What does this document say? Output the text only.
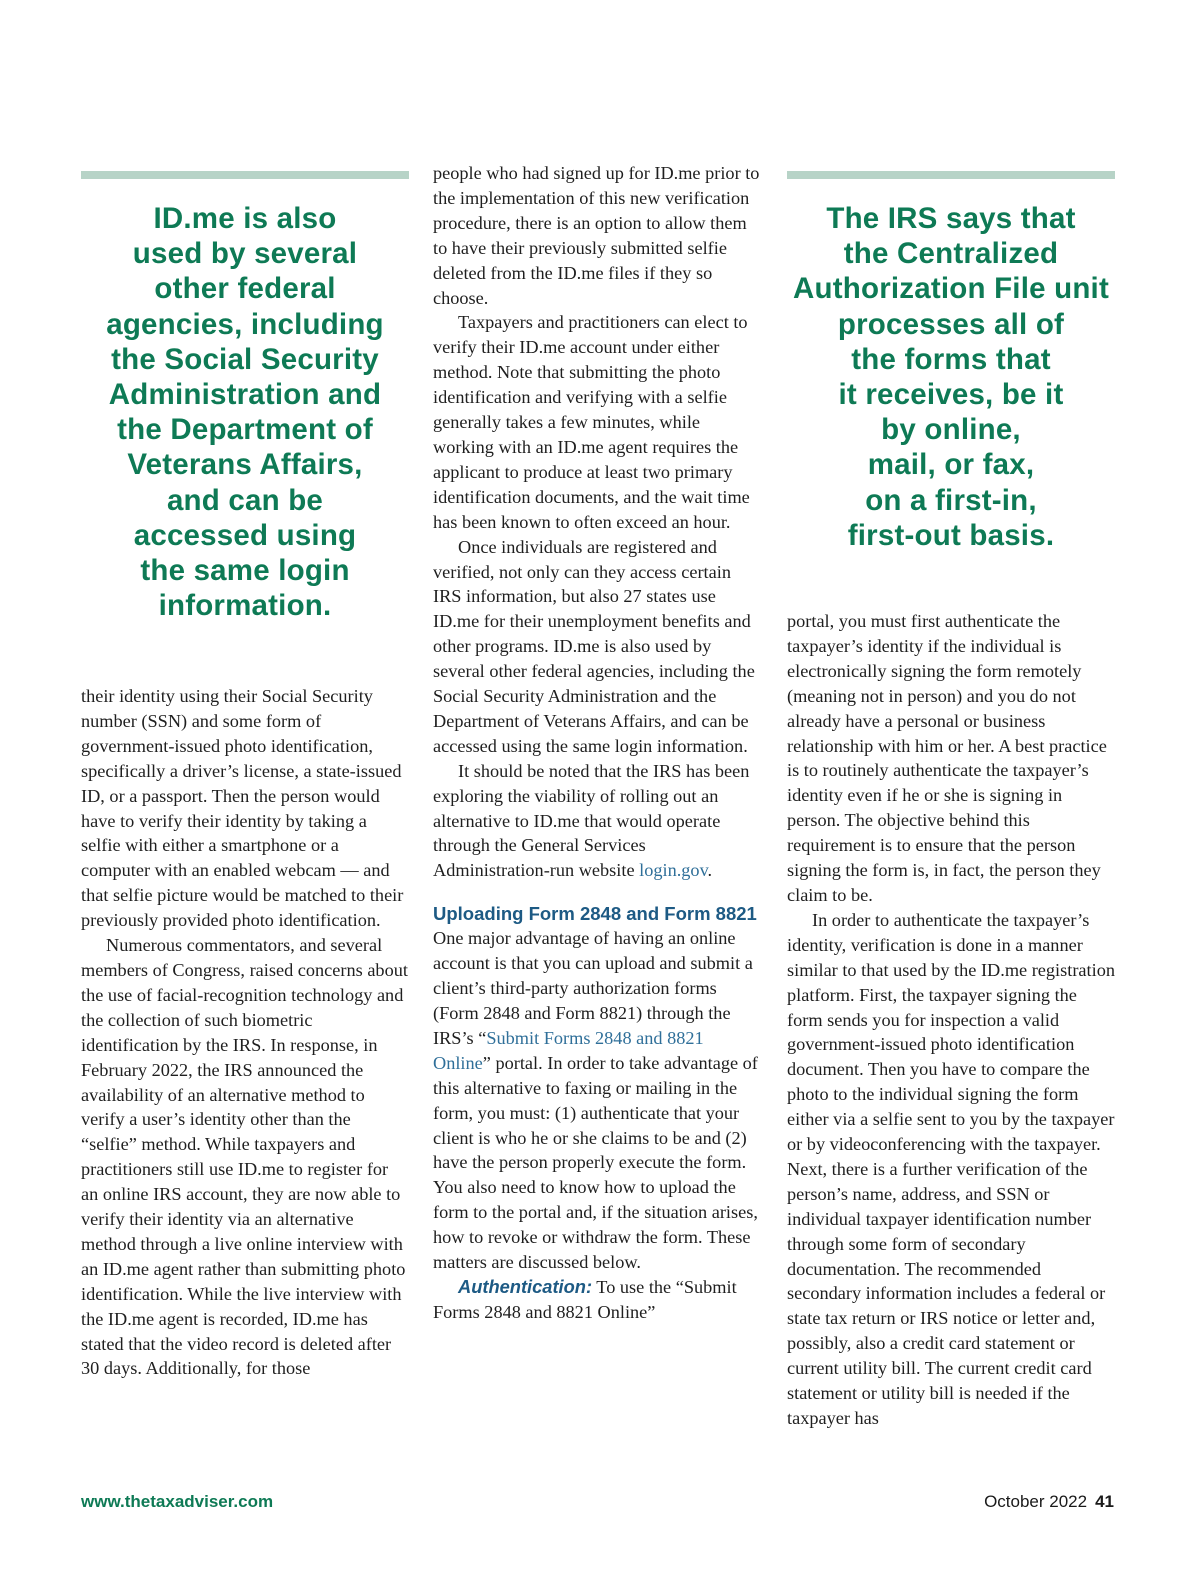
ID.me is also
used by several
other federal
agencies, including
the Social Security
Administration and
the Department of
Veterans Affairs,
and can be
accessed using
the same login
information.
The IRS says that
the Centralized
Authorization File unit
processes all of
the forms that
it receives, be it
by online,
mail, or fax,
on a first-in,
first-out basis.

their identity using their Social Security number (SSN) and some form of government-issued photo identification, specifically a driver’s license, a state-issued ID, or a passport. Then the person would have to verify their identity by taking a selfie with either a smartphone or a computer with an enabled webcam — and that selfie picture would be matched to their previously provided photo identification.

Numerous commentators, and several members of Congress, raised concerns about the use of facial-recognition technology and the collection of such biometric identification by the IRS. In response, in February 2022, the IRS announced the availability of an alternative method to verify a user’s identity other than the “selfie” method. While taxpayers and practitioners still use ID.me to register for an online IRS account, they are now able to verify their identity via an alternative method through a live online interview with an ID.me agent rather than submitting photo identification. While the live interview with the ID.me agent is recorded, ID.me has stated that the video record is deleted after 30 days. Additionally, for those

people who had signed up for ID.me prior to the implementation of this new verification procedure, there is an option to allow them to have their previously submitted selfie deleted from the ID.me files if they so choose.

Taxpayers and practitioners can elect to verify their ID.me account under either method. Note that submitting the photo identification and verifying with a selfie generally takes a few minutes, while working with an ID.me agent requires the applicant to produce at least two primary identification documents, and the wait time has been known to often exceed an hour.

Once individuals are registered and verified, not only can they access certain IRS information, but also 27 states use ID.me for their unemployment benefits and other programs. ID.me is also used by several other federal agencies, including the Social Security Administration and the Department of Veterans Affairs, and can be accessed using the same login information.

It should be noted that the IRS has been exploring the viability of rolling out an alternative to ID.me that would operate through the General Services Administration-run website login.gov.

Uploading Form 2848 and Form 8821

One major advantage of having an online account is that you can upload and submit a client’s third-party authorization forms (Form 2848 and Form 8821) through the IRS’s “Submit Forms 2848 and 8821 Online” portal. In order to take advantage of this alternative to faxing or mailing in the form, you must: (1) authenticate that your client is who he or she claims to be and (2) have the person properly execute the form. You also need to know how to upload the form to the portal and, if the situation arises, how to revoke or withdraw the form. These matters are discussed below.

Authentication: To use the “Submit Forms 2848 and 8821 Online”

portal, you must first authenticate the taxpayer’s identity if the individual is electronically signing the form remotely (meaning not in person) and you do not already have a personal or business relationship with him or her. A best practice is to routinely authenticate the taxpayer’s identity even if he or she is signing in person. The objective behind this requirement is to ensure that the person signing the form is, in fact, the person they claim to be.

In order to authenticate the taxpayer’s identity, verification is done in a manner similar to that used by the ID.me registration platform. First, the taxpayer signing the form sends you for inspection a valid government-issued photo identification document. Then you have to compare the photo to the individual signing the form either via a selfie sent to you by the taxpayer or by videoconferencing with the taxpayer. Next, there is a further verification of the person’s name, address, and SSN or individual taxpayer identification number through some form of secondary documentation. The recommended secondary information includes a federal or state tax return or IRS notice or letter and, possibly, also a credit card statement or current utility bill. The current credit card statement or utility bill is needed if the taxpayer has

www.thetaxadviser.com	October 2022 41
